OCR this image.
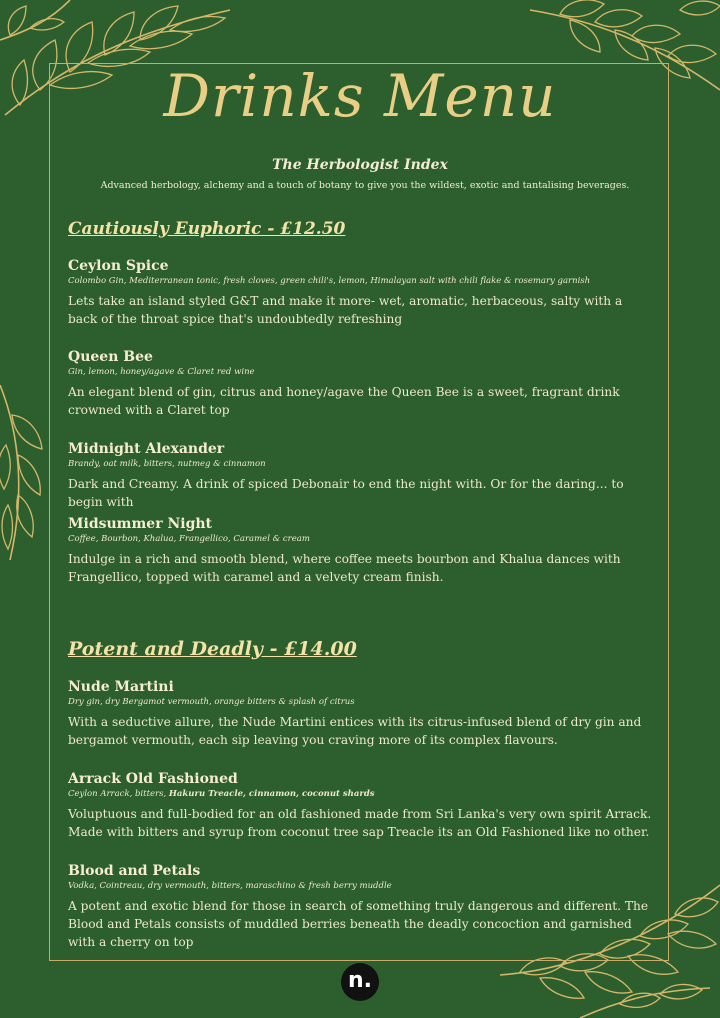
Drinks Menu
The Herbologist Index
Advanced herbology, alchemy and a touch of botany to give you the wildest, exotic and tantalising beverages.
Cautiously Euphoric - £12.50

Ceylon Spice

Colombo Gin, Mediterranean tonic, fresh cloves, green chili's, lemon, Himalayan salt with chili flake & rosemary garnish

Lets take an island styled G&T and make it more- wet, aromatic, herbaceous, salty with a back of the throat spice that's undoubtedly refreshing

Queen Bee

Gin, lemon, honey/agave & Claret red wine

An elegant blend of gin, citrus and honey/agave the Queen Bee is a sweet, fragrant drink crowned with a Claret top

Midnight Alexander

Brandy, oat milk, bitters, nutmeg & cinnamon

Dark and Creamy. A drink of spiced Debonair to end the night with. Or for the daring... to begin with

Midsummer Night

Coffee, Bourbon, Khalua, Frangellico, Caramel & cream

Indulge in a rich and smooth blend, where coffee meets bourbon and Khalua dances with Frangellico, topped with caramel and a velvety cream finish.

Potent and Deadly - £14.00

Nude Martini

Dry gin, dry Bergamot vermouth, orange bitters & splash of citrus

With a seductive allure, the Nude Martini entices with its citrus-infused blend of dry gin and bergamot vermouth, each sip leaving you craving more of its complex flavours.

Arrack Old Fashioned

Ceylon Arrack, bitters, Hakuru Treacle, cinnamon, coconut shards

Voluptuous and full-bodied for an old fashioned made from Sri Lanka's very own spirit Arrack. Made with bitters and syrup from coconut tree sap Treacle its an Old Fashioned like no other.

Blood and Petals

Vodka, Cointreau, dry vermouth, bitters, maraschino & fresh berry muddle

A potent and exotic blend for those in search of something truly dangerous and different. The Blood and Petals consists of muddled berries beneath the deadly concoction and garnished with a cherry on top

n.
